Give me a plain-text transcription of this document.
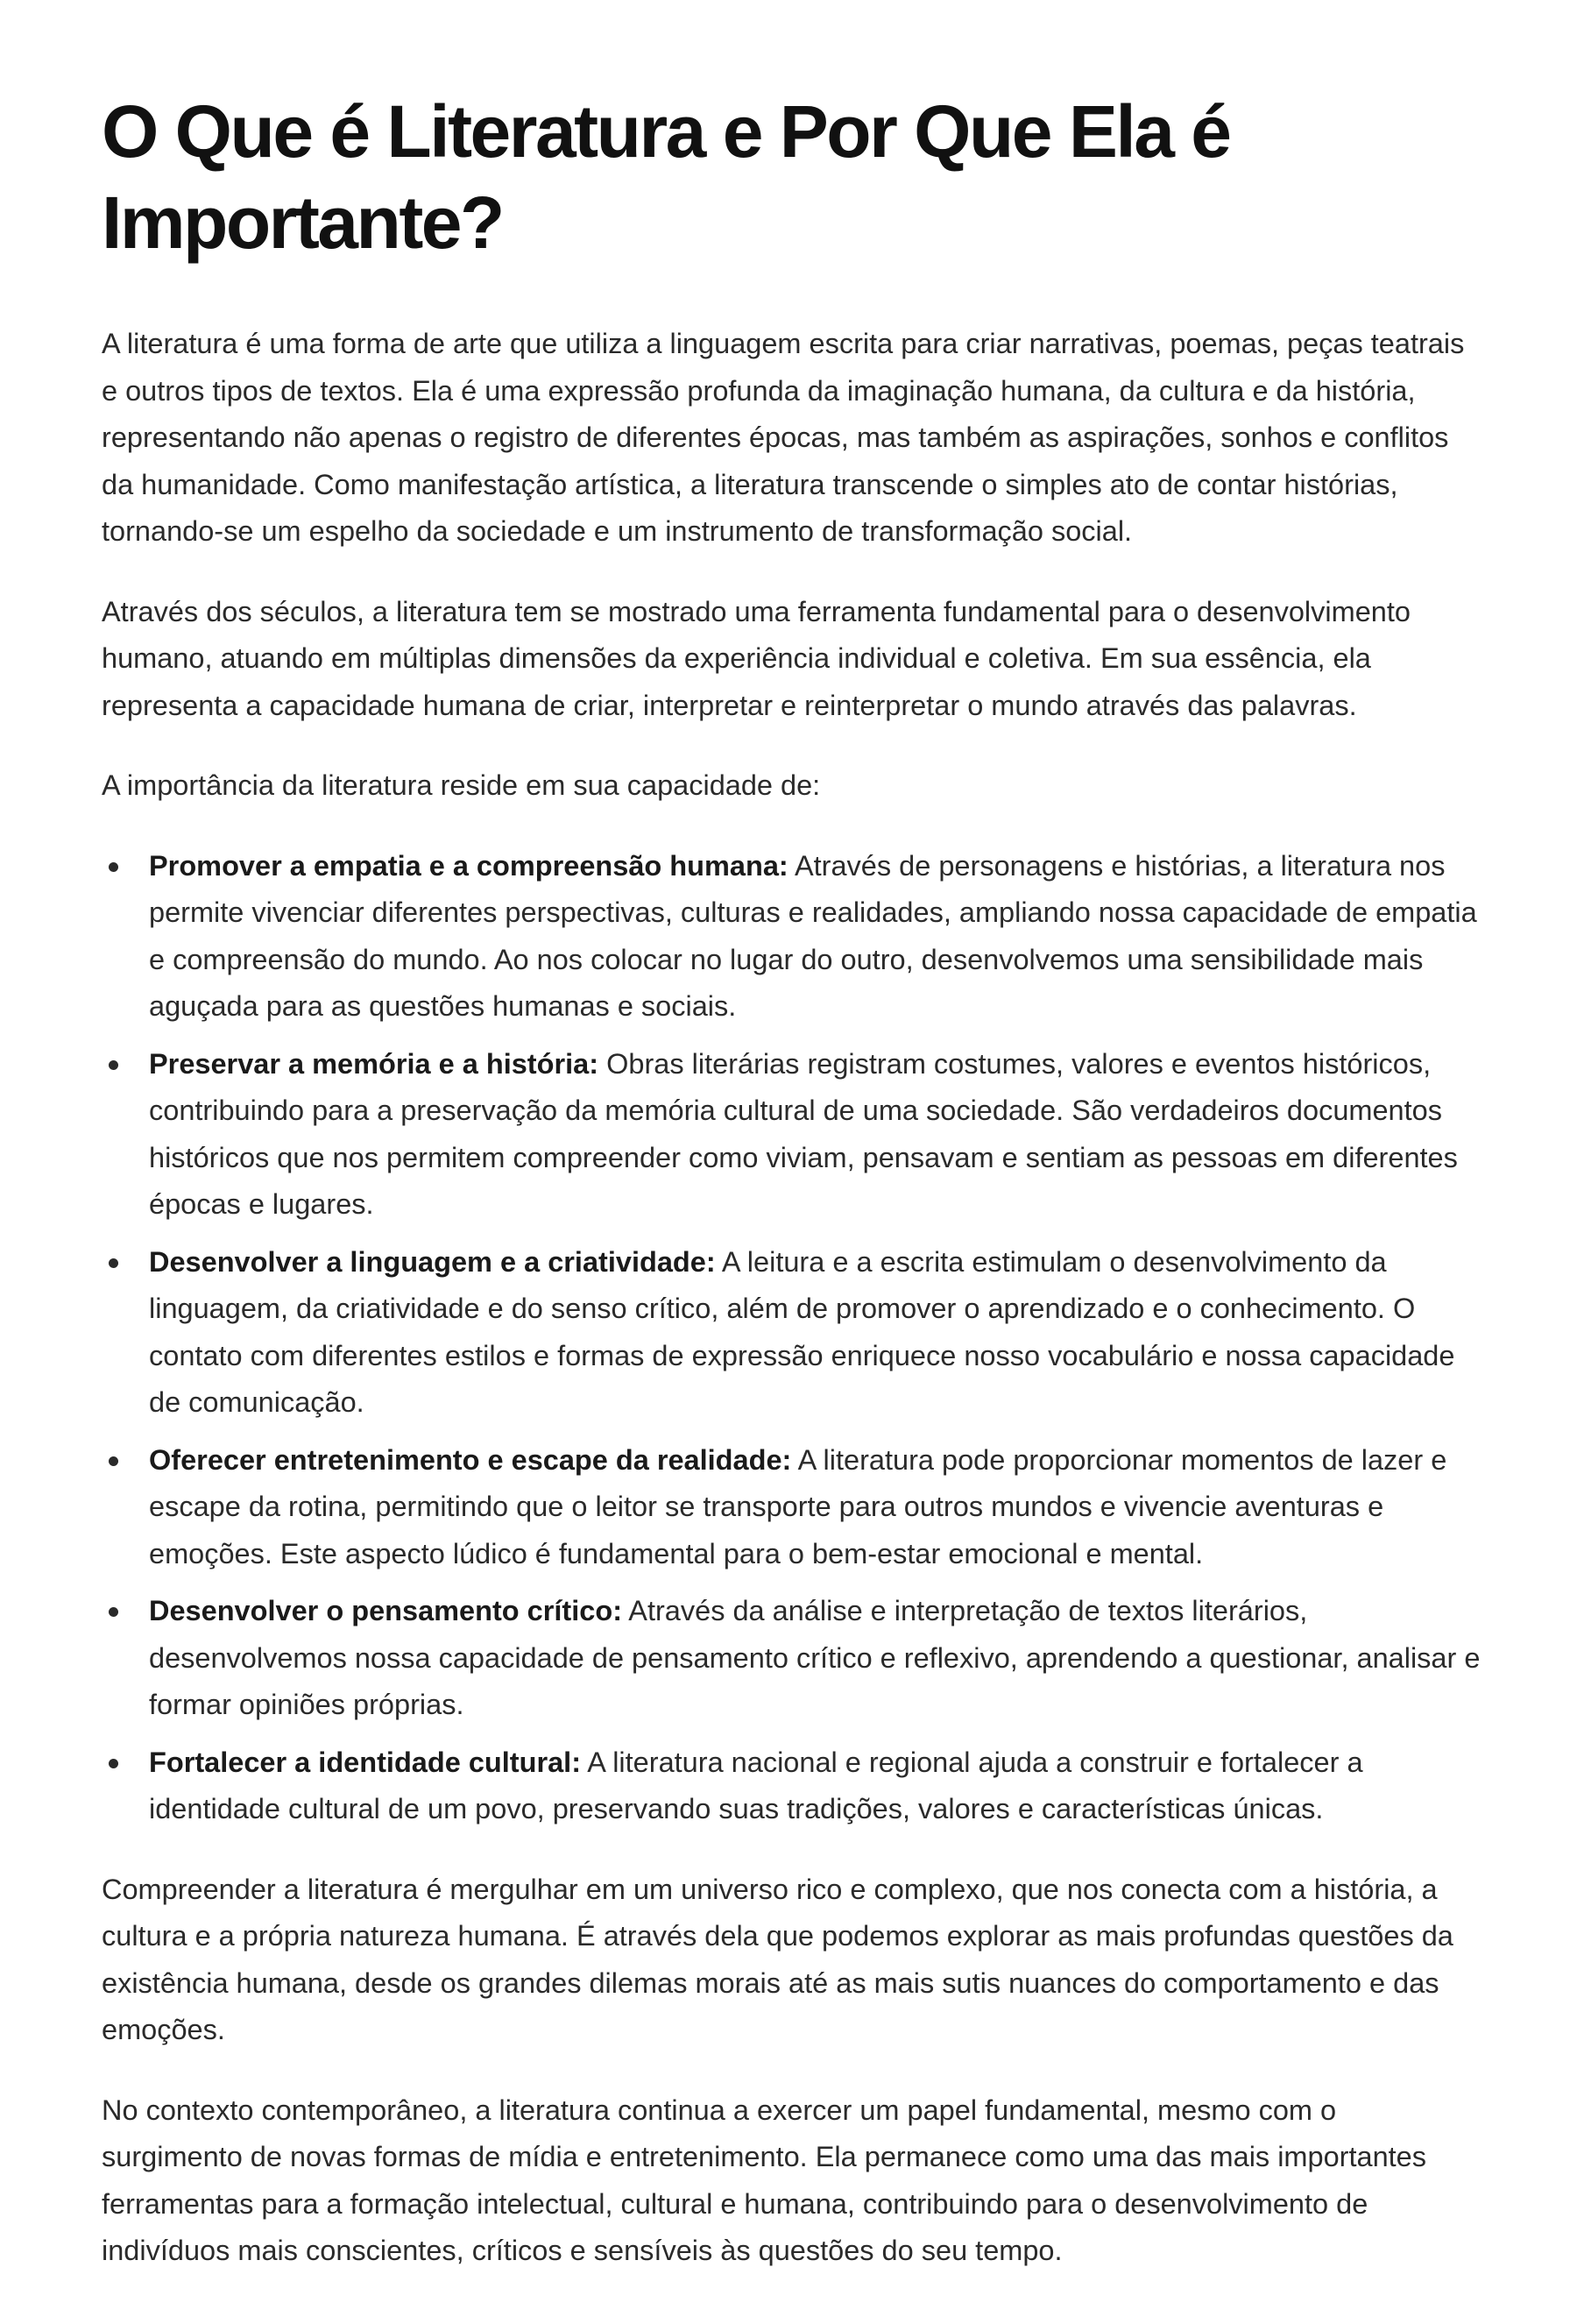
O Que é Literatura e Por Que Ela é Importante?

A literatura é uma forma de arte que utiliza a linguagem escrita para criar narrativas, poemas, peças teatrais e outros tipos de textos. Ela é uma expressão profunda da imaginação humana, da cultura e da história, representando não apenas o registro de diferentes épocas, mas também as aspirações, sonhos e conflitos da humanidade. Como manifestação artística, a literatura transcende o simples ato de contar histórias, tornando-se um espelho da sociedade e um instrumento de transformação social.

Através dos séculos, a literatura tem se mostrado uma ferramenta fundamental para o desenvolvimento humano, atuando em múltiplas dimensões da experiência individual e coletiva. Em sua essência, ela representa a capacidade humana de criar, interpretar e reinterpretar o mundo através das palavras.

A importância da literatura reside em sua capacidade de:

Promover a empatia e a compreensão humana: Através de personagens e histórias, a literatura nos permite vivenciar diferentes perspectivas, culturas e realidades, ampliando nossa capacidade de empatia e compreensão do mundo. Ao nos colocar no lugar do outro, desenvolvemos uma sensibilidade mais aguçada para as questões humanas e sociais.
Preservar a memória e a história: Obras literárias registram costumes, valores e eventos históricos, contribuindo para a preservação da memória cultural de uma sociedade. São verdadeiros documentos históricos que nos permitem compreender como viviam, pensavam e sentiam as pessoas em diferentes épocas e lugares.
Desenvolver a linguagem e a criatividade: A leitura e a escrita estimulam o desenvolvimento da linguagem, da criatividade e do senso crítico, além de promover o aprendizado e o conhecimento. O contato com diferentes estilos e formas de expressão enriquece nosso vocabulário e nossa capacidade de comunicação.
Oferecer entretenimento e escape da realidade: A literatura pode proporcionar momentos de lazer e escape da rotina, permitindo que o leitor se transporte para outros mundos e vivencie aventuras e emoções. Este aspecto lúdico é fundamental para o bem-estar emocional e mental.
Desenvolver o pensamento crítico: Através da análise e interpretação de textos literários, desenvolvemos nossa capacidade de pensamento crítico e reflexivo, aprendendo a questionar, analisar e formar opiniões próprias.
Fortalecer a identidade cultural: A literatura nacional e regional ajuda a construir e fortalecer a identidade cultural de um povo, preservando suas tradições, valores e características únicas.

Compreender a literatura é mergulhar em um universo rico e complexo, que nos conecta com a história, a cultura e a própria natureza humana. É através dela que podemos explorar as mais profundas questões da existência humana, desde os grandes dilemas morais até as mais sutis nuances do comportamento e das emoções.

No contexto contemporâneo, a literatura continua a exercer um papel fundamental, mesmo com o surgimento de novas formas de mídia e entretenimento. Ela permanece como uma das mais importantes ferramentas para a formação intelectual, cultural e humana, contribuindo para o desenvolvimento de indivíduos mais conscientes, críticos e sensíveis às questões do seu tempo.
